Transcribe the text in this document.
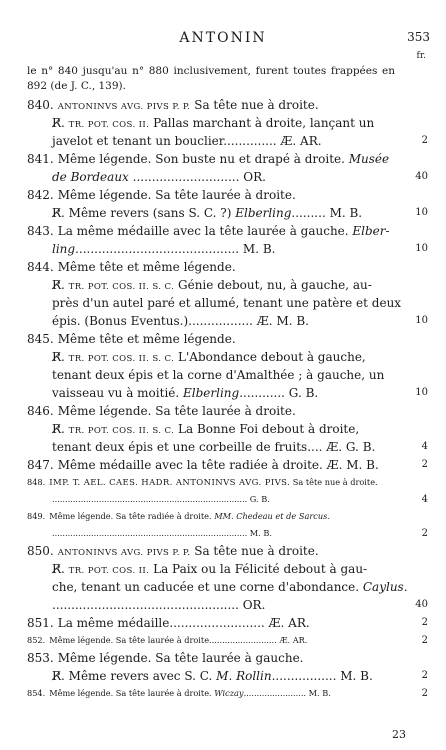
ANTONIN	353
fr.
le n° 840 jusqu'au n° 880 inclusivement, furent toutes frappées en 892 (de J. C., 139).
840. ANTONINVS AVG. PIVS P. P. Sa tête nue à droite.
R̸. TR. POT. COS. II. Pallas marchant à droite, lançant un
javelot et tenant un bouclier.............. Æ. AR.	2
841. Même légende. Son buste nu et drapé à droite. Musée
de Bordeaux ............................ OR.	40
842. Même légende. Sa tête laurée à droite.
R̸. Même revers (sans S. C. ?) Elberling......... M. B.	10
843. La même médaille avec la tête laurée à gauche. Elber-
ling........................................... M. B.	10
844. Même tête et même légende.
R̸. TR. POT. COS. II. S. C. Génie debout, nu, à gauche, au-
près d'un autel paré et allumé, tenant une patère et deux
épis. (Bonus Eventus.)................. Æ. M. B.	10
845. Même tête et même légende.
R̸. TR. POT. COS. II. S. C. L'Abondance debout à gauche,
tenant deux épis et la corne d'Amalthée ; à gauche, un
vaisseau vu à moitié. Elberling............ G. B.	10
846. Même légende. Sa tête laurée à droite.
R̸. TR. POT. COS. II. S. C. La Bonne Foi debout à droite,
tenant deux épis et une corbeille de fruits.... Æ. G. B.	4
847. Même médaille avec la tête radiée à droite. Æ. M. B.	2
848. IMP. T. AEL. CAES. HADR. ANTONINVS AVG. PIVS. Sa tête nue à droite.
........................................................................... G. B.	4
849. Même légende. Sa tête radiée à droite. MM. Chedeau et de Sarcus.
........................................................................... M. B.	2
850. ANTONINVS AVG. PIVS P. P. Sa tête nue à droite.
R̸. TR. POT. COS. II. La Paix ou la Félicité debout à gau-
che, tenant un caducée et une corne d'abondance. Caylus.
................................................. OR.	40
851. La même médaille......................... Æ. AR.	2
852. Même légende. Sa tête laurée à droite.......................... Æ. AR.	2
853. Même légende. Sa tête laurée à gauche.
R̸. Même revers avec S. C. M. Rollin................. M. B.	2
854. Même légende. Sa tête laurée à droite. Wiczay........................ M. B.	2
23
